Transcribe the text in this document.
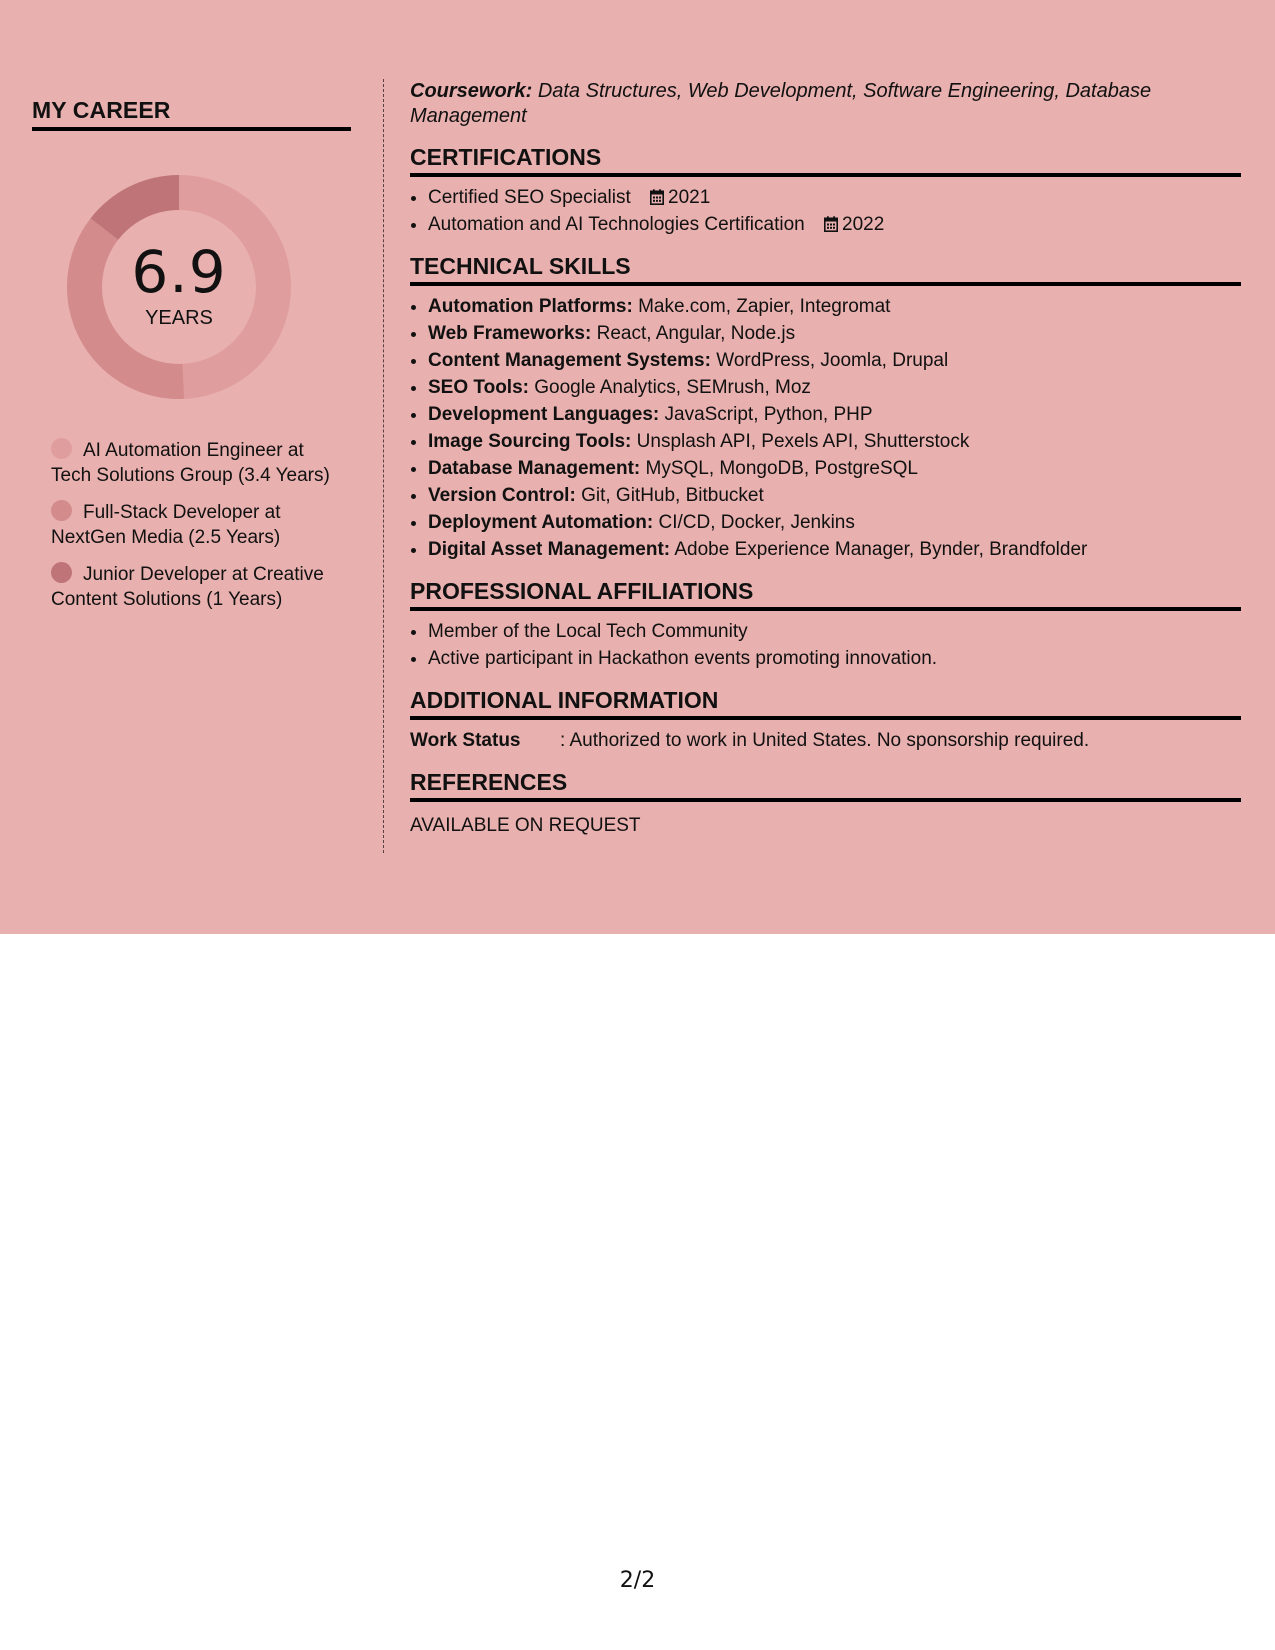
MY CAREER
6.9
YEARS
AI Automation Engineer at Tech Solutions Group (3.4 Years)
Full-Stack Developer at NextGen Media (2.5 Years)
Junior Developer at Creative Content Solutions (1 Years)

Coursework: Data Structures, Web Development, Software Engineering, Database Management

CERTIFICATIONS
• Certified SEO Specialist 2021
• Automation and AI Technologies Certification 2022
TECHNICAL SKILLS
• Automation Platforms: Make.com, Zapier, Integromat
• Web Frameworks: React, Angular, Node.js
• Content Management Systems: WordPress, Joomla, Drupal
• SEO Tools: Google Analytics, SEMrush, Moz
• Development Languages: JavaScript, Python, PHP
• Image Sourcing Tools: Unsplash API, Pexels API, Shutterstock
• Database Management: MySQL, MongoDB, PostgreSQL
• Version Control: Git, GitHub, Bitbucket
• Deployment Automation: CI/CD, Docker, Jenkins
• Digital Asset Management: Adobe Experience Manager, Bynder, Brandfolder
PROFESSIONAL AFFILIATIONS
• Member of the Local Tech Community
• Active participant in Hackathon events promoting innovation.
ADDITIONAL INFORMATION
Work Status : Authorized to work in United States. No sponsorship required.
REFERENCES

AVAILABLE ON REQUEST

2/2
